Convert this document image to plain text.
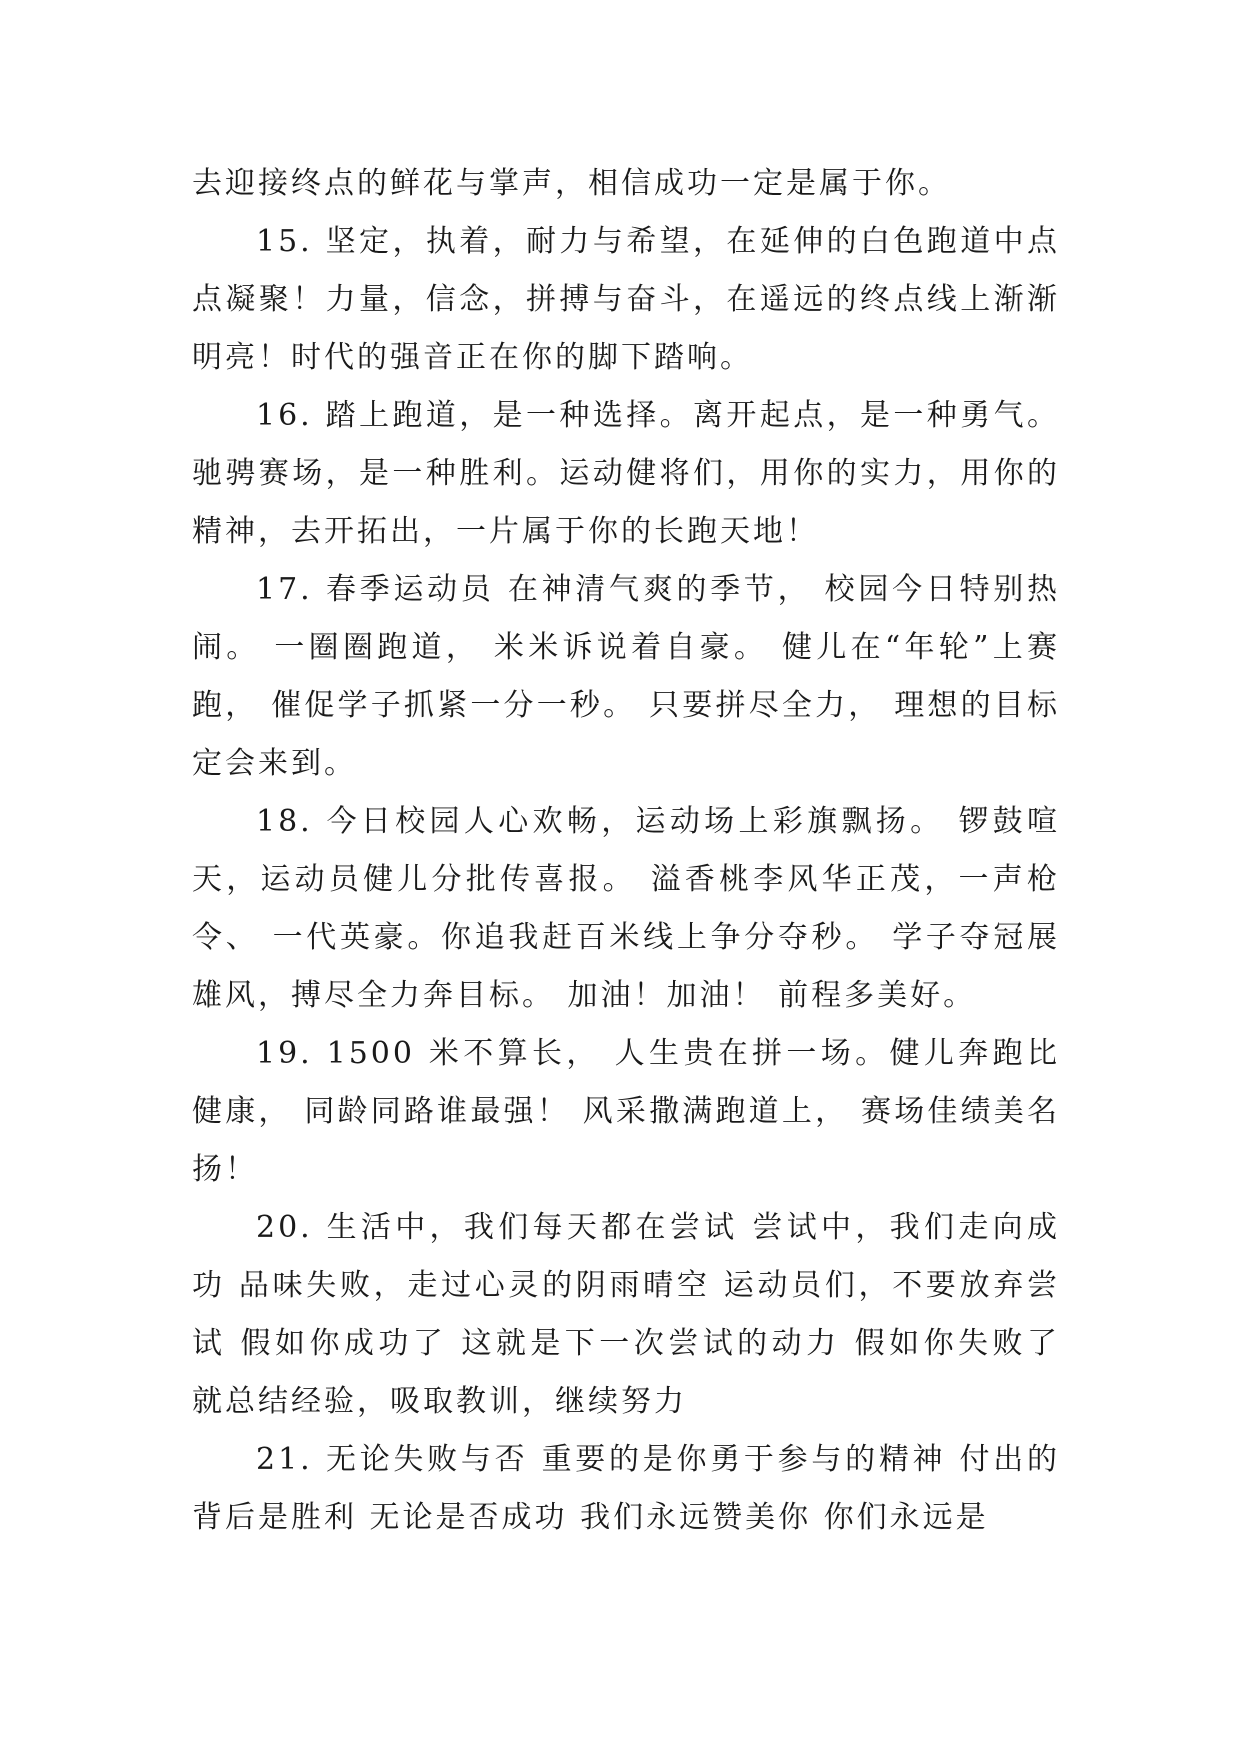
去迎接终点的鲜花与掌声，相信成功一定是属于你。

15. 坚定，执着，耐力与希望，在延伸的白色跑道中点点凝聚！力量，信念，拼搏与奋斗，在遥远的终点线上渐渐明亮！时代的强音正在你的脚下踏响。

16. 踏上跑道，是一种选择。离开起点，是一种勇气。驰骋赛场，是一种胜利。运动健将们，用你的实力，用你的精神，去开拓出，一片属于你的长跑天地！

17. 春季运动员 在神清气爽的季节， 校园今日特别热闹。 一圈圈跑道， 米米诉说着自豪。 健儿在“年轮”上赛跑， 催促学子抓紧一分一秒。 只要拼尽全力， 理想的目标定会来到。

18. 今日校园人心欢畅，运动场上彩旗飘扬。 锣鼓喧天，运动员健儿分批传喜报。 溢香桃李风华正茂，一声枪令、 一代英豪。你追我赶百米线上争分夺秒。 学子夺冠展雄风，搏尽全力奔目标。 加油！加油！ 前程多美好。

19. 1500 米不算长， 人生贵在拼一场。健儿奔跑比健康， 同龄同路谁最强！ 风采撒满跑道上， 赛场佳绩美名扬！

20. 生活中，我们每天都在尝试 尝试中，我们走向成功 品味失败，走过心灵的阴雨晴空 运动员们，不要放弃尝试 假如你成功了 这就是下一次尝试的动力 假如你失败了 就总结经验，吸取教训，继续努力

21. 无论失败与否 重要的是你勇于参与的精神 付出的背后是胜利 无论是否成功 我们永远赞美你 你们永远是
